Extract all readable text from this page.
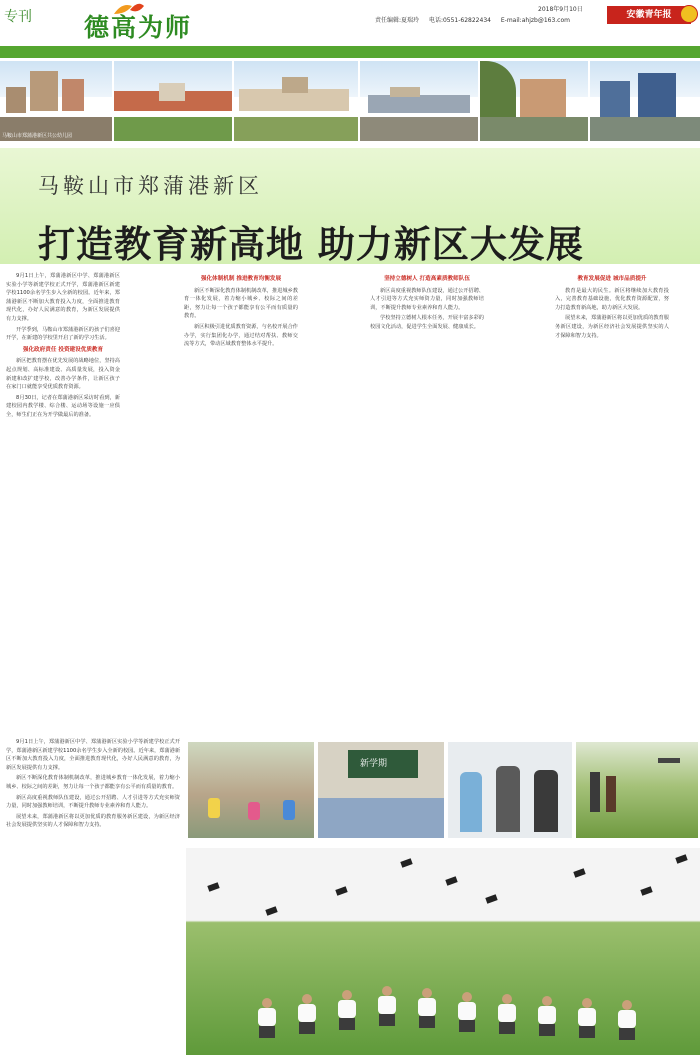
专刊 德高为师	责任编辑:夏瑞玲 电话:0551-62822434 E-mail:ahjzb@163.com
2018年9月10日
安徽青年报
马鞍山市郑蒲港新区共公幼儿园
马鞍山市郑蒲港新区
打造教育新高地 助力新区大发展

9月1日上午，郑蒲港新区中学、郑蒲港新区实验小学等新建学校正式开学，郑蒲港新区新建学校1100余名学生步入全新的校园。近年来，郑蒲港新区不断加大教育投入力度，全面推进教育现代化，办好人民满意的教育，为新区发展提供有力支撑。

开学季到，马鞍山市郑蒲港新区的孩子们喜迎开学，在新建的学校里开启了新的学习生活。

强化政府责任 投资建设优质教育

新区把教育摆在优先发展的战略地位，坚持高起点规划、高标准建设、高质量发展，投入资金新建和改扩建学校，改善办学条件，让新区孩子在家门口就能享受优质教育资源。

8月30日，记者在郑蒲港新区采访时看到，新建校园内教学楼、综合楼、运动场等设施一应俱全，师生们正在为开学做最后的准备。

强化体制机制 推进教育均衡发展

新区不断深化教育体制机制改革，推进城乡教育一体化发展，着力缩小城乡、校际之间的差距，努力让每一个孩子都能享有公平而有质量的教育。

新区积极引进优质教育资源，与名校开展合作办学，实行集团化办学，通过结对帮扶、教师交流等方式，带动区域教育整体水平提升。

坚持立德树人 打造高素质教师队伍

新区高度重视教师队伍建设，通过公开招聘、人才引进等方式充实师资力量，同时加强教师培训，不断提升教师专业素养和育人能力。

学校坚持立德树人根本任务，开展丰富多彩的校园文化活动，促进学生全面发展、健康成长。

教育发展促进 城市品质提升

教育是最大的民生。新区将继续加大教育投入，完善教育基础设施，优化教育资源配置，努力打造教育新高地，助力新区大发展。

展望未来，郑蒲港新区将以更加优质的教育服务新区建设，为新区经济社会发展提供坚实的人才保障和智力支持。

9月1日上午，郑蒲港新区中学、郑蒲港新区实验小学等新建学校正式开学，郑蒲港新区新建学校1100余名学生步入全新的校园。近年来，郑蒲港新区不断加大教育投入力度，全面推进教育现代化，办好人民满意的教育，为新区发展提供有力支撑。

新区不断深化教育体制机制改革，推进城乡教育一体化发展，着力缩小城乡、校际之间的差距，努力让每一个孩子都能享有公平而有质量的教育。

新区高度重视教师队伍建设，通过公开招聘、人才引进等方式充实师资力量，同时加强教师培训，不断提升教师专业素养和育人能力。

展望未来，郑蒲港新区将以更加优质的教育服务新区建设，为新区经济社会发展提供坚实的人才保障和智力支持。

新学期
